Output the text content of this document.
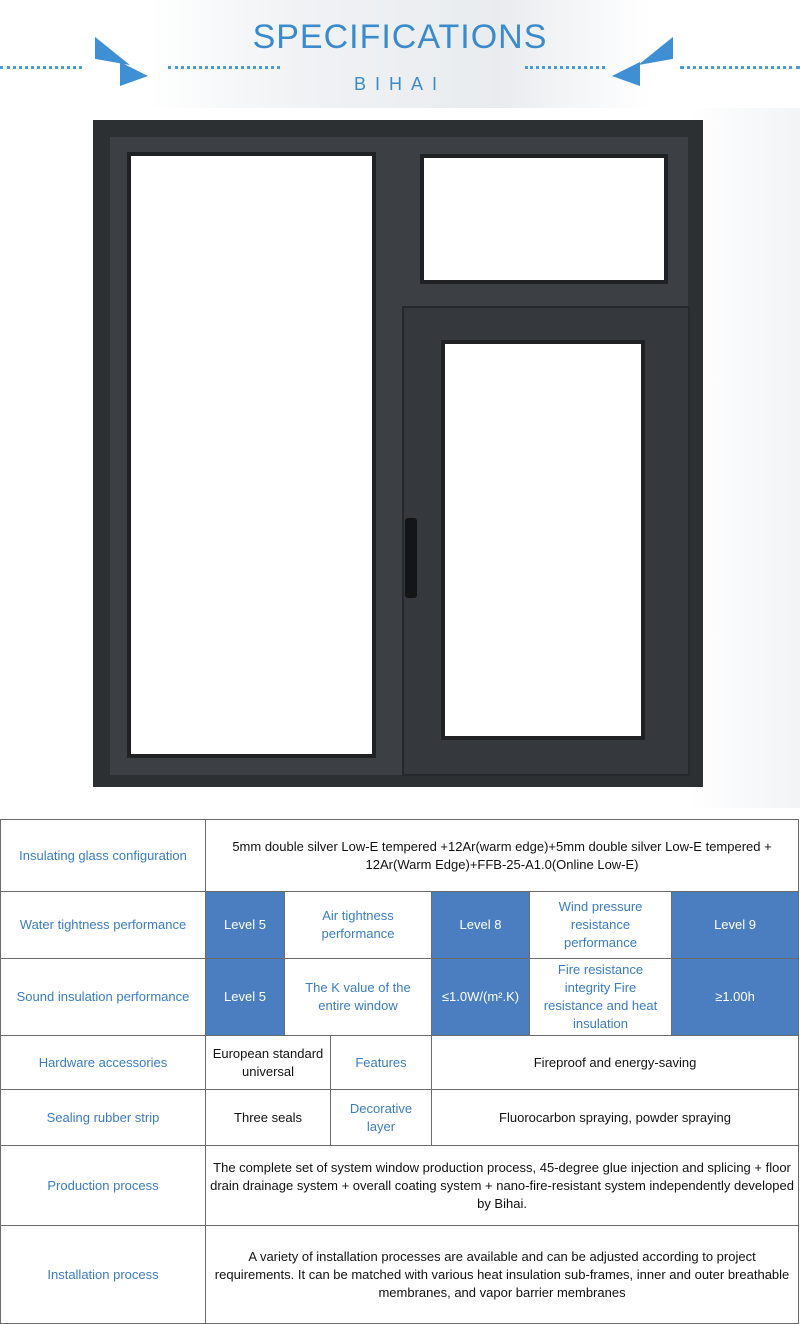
SPECIFICATIONS
BIHAI
Insulating glass configuration	5mm double silver Low-E tempered +12Ar(warm edge)+5mm double silver Low-E tempered + 12Ar(Warm Edge)+FFB-25-A1.0(Online Low-E)					
Water tightness performance	Level 5	Air tightness performance		Level 8	Wind pressure resistance performance	Level 9
Sound insulation performance	Level 5	The K value of the entire window		≤1.0W/(m².K)	Fire resistance integrity Fire resistance and heat insulation	≥1.00h
Hardware accessories	European standard universal		Features	Fireproof and energy-saving		
Sealing rubber strip	Three seals		Decorative layer	Fluorocarbon spraying, powder spraying		
Production process	The complete set of system window production process, 45-degree glue injection and splicing + floor drain drainage system + overall coating system + nano-fire-resistant system independently developed by Bihai.					
Installation process	A variety of installation processes are available and can be adjusted according to project requirements. It can be matched with various heat insulation sub-frames, inner and outer breathable membranes, and vapor barrier membranes					
